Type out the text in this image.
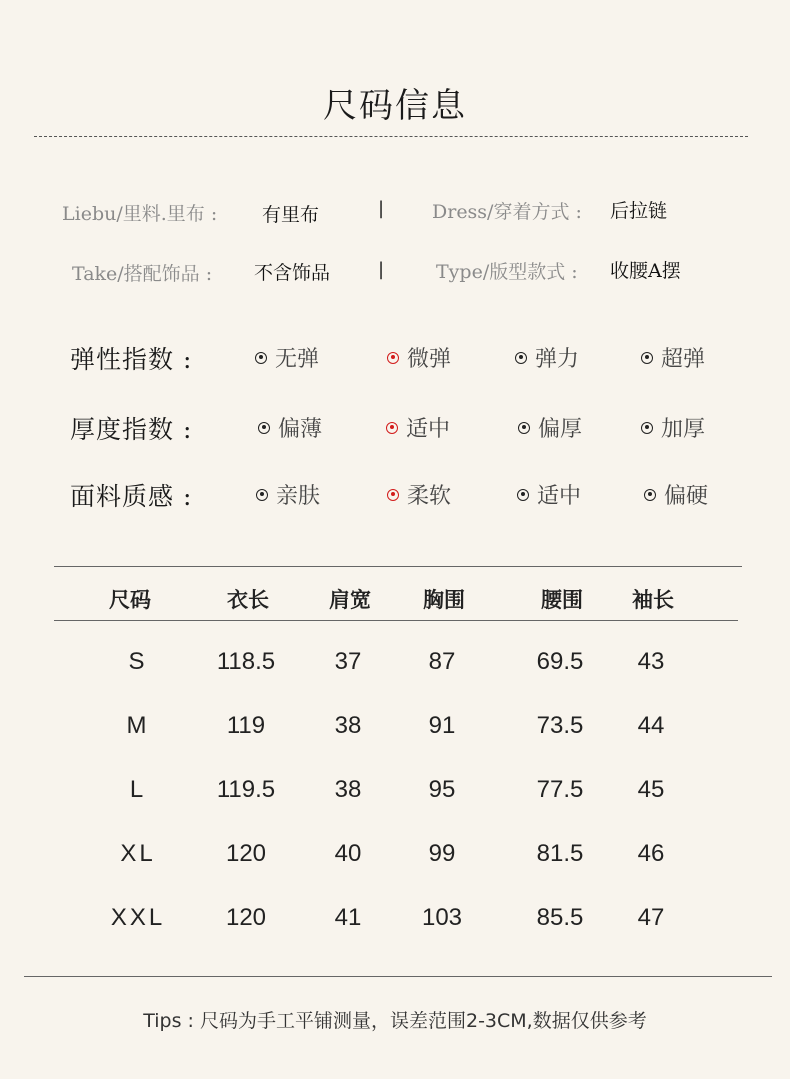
尺码信息
Liebu/里料.里布 : 有里布	|	Dress/穿着方式 : 后拉链
Take/搭配饰品 : 不含饰品	|	Type/版型款式 : 收腰A摆
弹性指数 :	无弹	微弹	弹力	超弹
厚度指数 :	偏薄	适中	偏厚	加厚
面料质感 :	亲肤	柔软	适中	偏硬
尺码	衣长	肩宽	胸围	腰围	袖长
S	118.5	37	87	69.5	43
M	119	38	91	73.5	44
L	119.5	38	95	77.5	45
XL	120	40	99	81.5	46
XXL	120	41	103	85.5	47
Tips : 尺码为手工平铺测量，误差范围2-3CM,数据仅供参考
